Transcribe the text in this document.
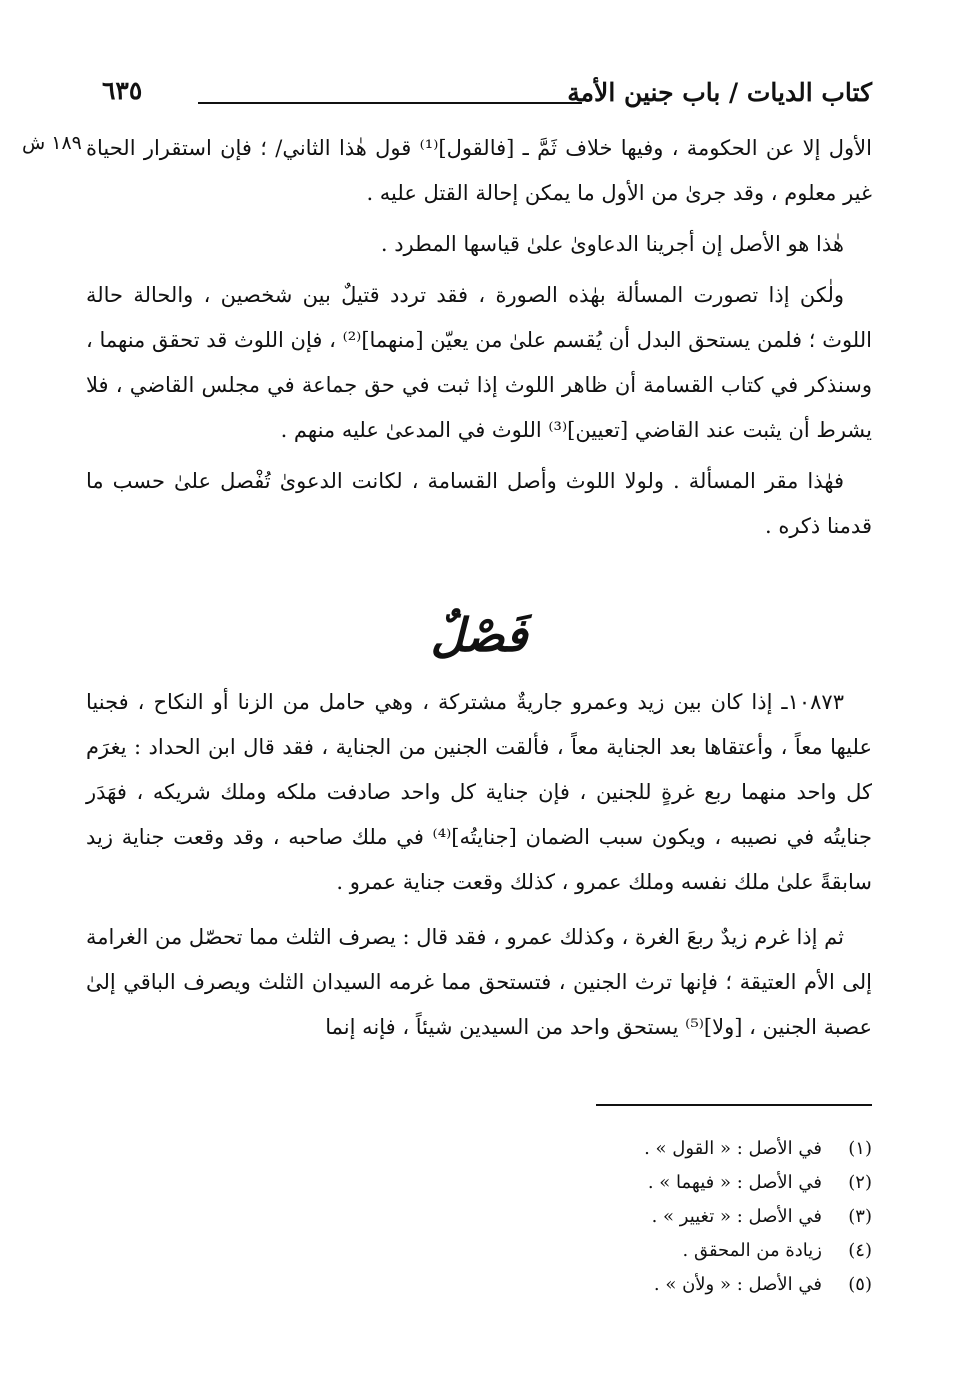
كتاب الديات / باب جنين الأمة
٦٣٥
١٨٩ ش الأول إلا عن الحكومة ، وفيها خلاف ثَمَّ ـ [فالقول]⁽¹⁾ قول هٰذا الثاني/ ؛ فإن استقرار الحياة غير معلوم ، وقد جرىٰ من الأول ما يمكن إحالة القتل عليه .

هٰذا هو الأصل إن أجرينا الدعاوىٰ علىٰ قياسها المطرد .

ولٰكن إذا تصورت المسألة بهٰذه الصورة ، فقد تردد قتيلٌ بين شخصين ، والحالة حالة اللوث ؛ فلمن يستحق البدل أن يُقسم علىٰ من يعيّن [منهما]⁽²⁾ ، فإن اللوث قد تحقق منهما ، وسنذكر في كتاب القسامة أن ظاهر اللوث إذا ثبت في حق جماعة في مجلس القاضي ، فلا يشرط أن يثبت عند القاضي [تعيين]⁽³⁾ اللوث في المدعىٰ عليه منهم .

فهٰذا مقر المسألة . ولولا اللوث وأصل القسامة ، لكانت الدعوىٰ تُفْصل علىٰ حسب ما قدمنا ذكره .

فَصْلٌ

١٠٨٧٣ـ إذا كان بين زيد وعمرو جاريةٌ مشتركة ، وهي حامل من الزنا أو النكاح ، فجنيا عليها معاً ، وأعتقاها بعد الجناية معاً ، فألقت الجنين من الجناية ، فقد قال ابن الحداد : يغرَم كل واحد منهما ربع غرةٍ للجنين ، فإن جناية كل واحد صادفت ملكه وملك شريكه ، فهَدَر جنايتُه في نصيبه ، ويكون سبب الضمان [جنايتُه]⁽⁴⁾ في ملك صاحبه ، وقد وقعت جناية زيد سابقةً علىٰ ملك نفسه وملك عمرو ، كذلك وقعت جناية عمرو .

ثم إذا غرم زيدٌ ربعَ الغرة ، وكذلك عمرو ، فقد قال : يصرف الثلث مما تحصّل من الغرامة إلى الأم العتيقة ؛ فإنها ترث الجنين ، فتستحق مما غرمه السيدان الثلث ويصرف الباقي إلىٰ عصبة الجنين ، [ولا]⁽⁵⁾ يستحق واحد من السيدين شيئاً ، فإنه إنما

(١)في الأصل : « القول » .
(٢)في الأصل : « فيهما » .
(٣)في الأصل : « تغيير » .
(٤)زيادة من المحقق .
(٥)في الأصل : « ولأن » .
